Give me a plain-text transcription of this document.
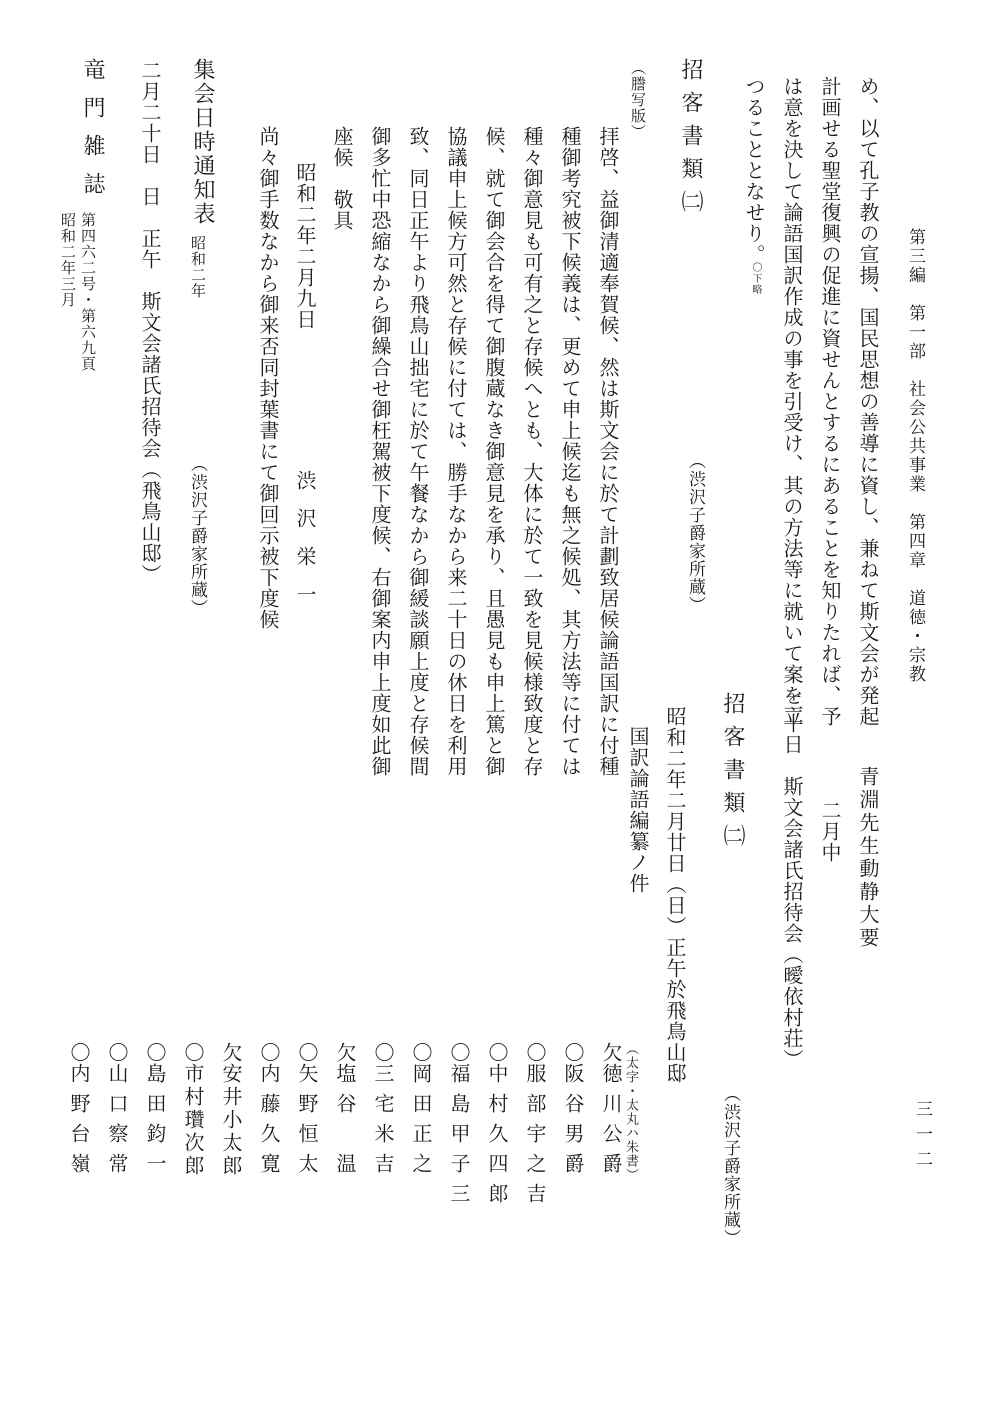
第三編　第一部　社会公共事業　第四章　道徳・宗教
三一二
め、以て孔子教の宣揚、国民思想の善導に資し、兼ねて斯文会が発起
計画せる聖堂復興の促進に資せんとするにあることを知りたれば、予
は意を決して論語国訳作成の事を引受け、其の方法等に就いて案を立
つることとなせり。
〇下略
招客書類㈡
（渋沢子爵家所蔵）
（謄写版）
拝啓、益御清適奉賀候、然は斯文会に於て計劃致居候論語国訳に付種
種御考究被下候義は、更めて申上候迄も無之候処、其方法等に付ては
種々御意見も可有之と存候へとも、大体に於て一致を見候様致度と存
候、就て御会合を得て御腹蔵なき御意見を承り、且愚見も申上篤と御
協議申上候方可然と存候に付ては、勝手なから来二十日の休日を利用
致、同日正午より飛鳥山拙宅に於て午餐なから御緩談願上度と存候間
御多忙中恐縮なから御繰合せ御枉駕被下度候、右御案内申上度如此御
座候　敬具
昭和二年二月九日
渋沢栄一
尚々御手数なから御来否同封葉書にて御回示被下度候
集会日時通知表
昭和二年
（渋沢子爵家所蔵）
二月二十日　日　正午　斯文会諸氏招待会（飛鳥山邸）
竜門雑誌
第四六二号・第六九頁
昭和二年三月
青淵先生動静大要
二月中
二十日　斯文会諸氏招待会（曖依村荘）
招客書類㈡
（渋沢子爵家所蔵）
昭和二年二月廿日（日）正午於飛鳥山邸
国訳論語編纂ノ件
（太字・太丸ハ朱書）
欠徳川公爵
〇阪谷男爵
〇服部宇之吉
〇中村久四郎
〇福島甲子三
〇岡田正之
〇三宅米吉
欠塩谷　温
〇矢野恒太
〇内藤久寛
欠安井小太郎
〇市村瓚次郎
〇島田鈞一
〇山口察常
〇内野台嶺
